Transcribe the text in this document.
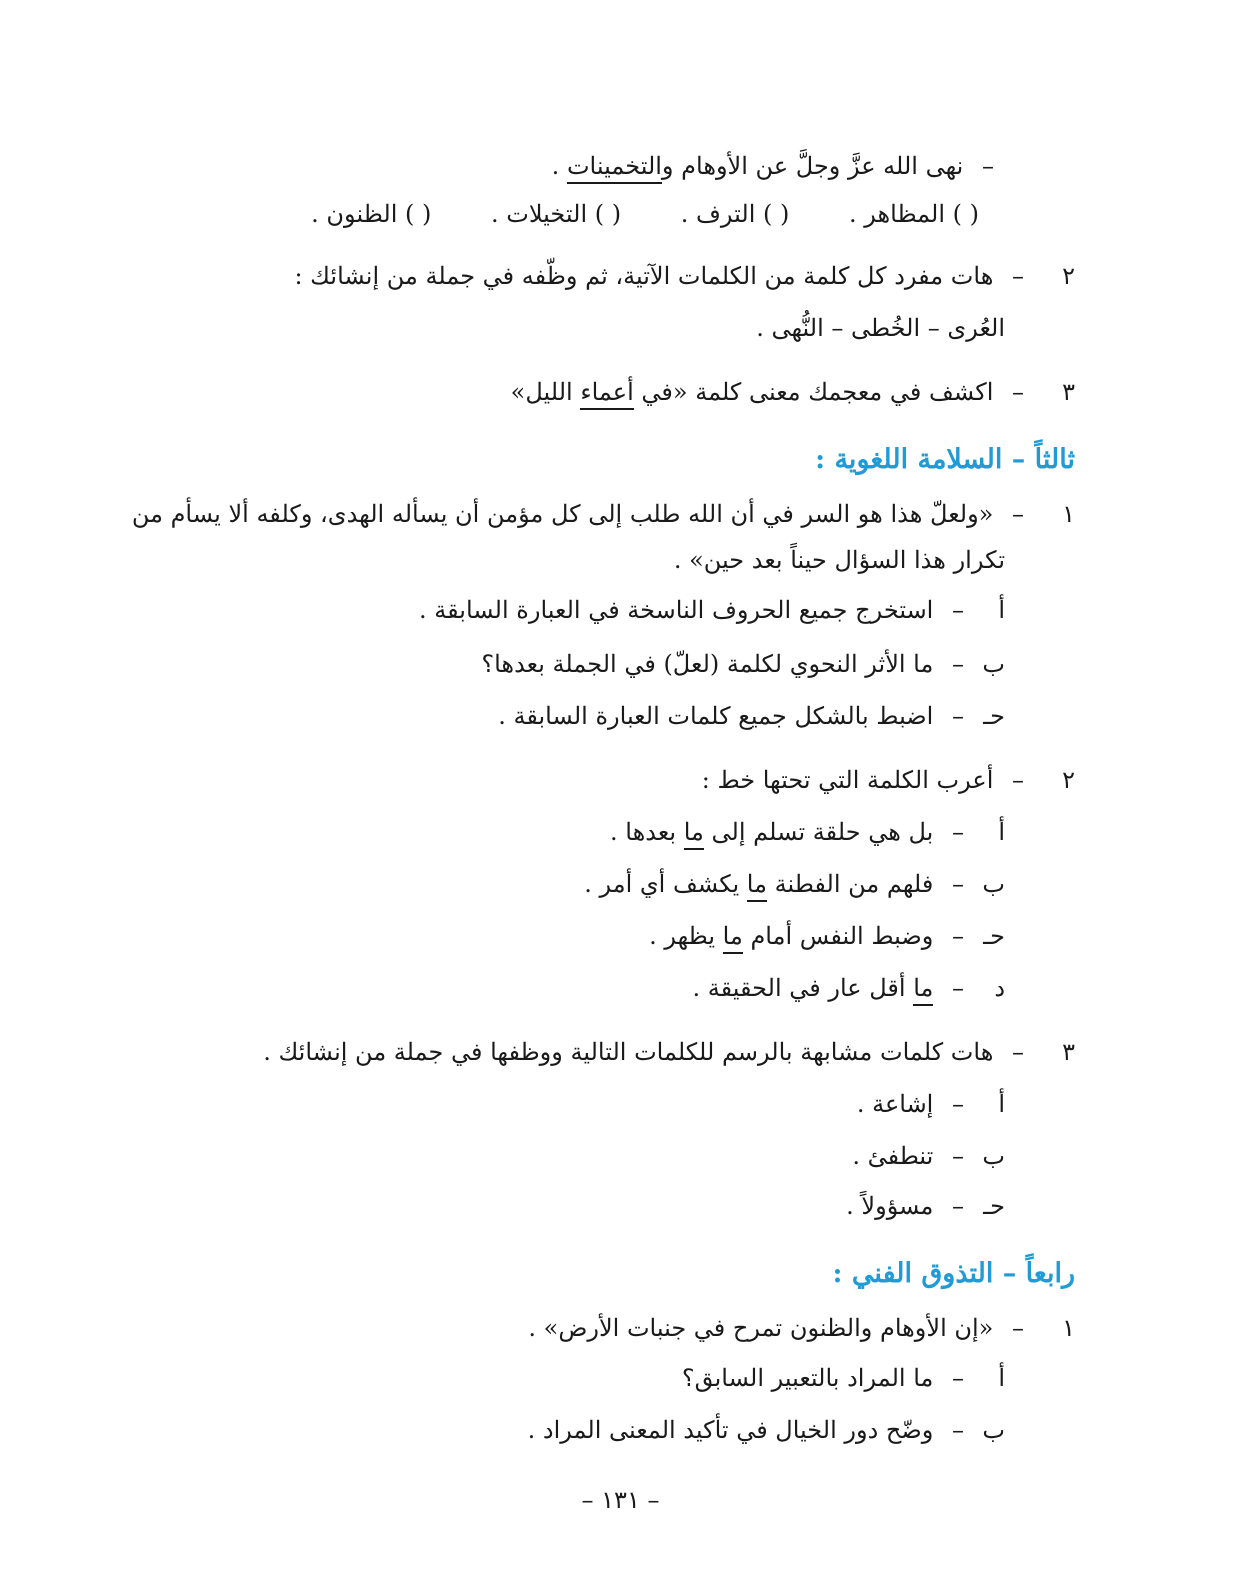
– نهى الله عزَّ وجلَّ عن الأوهام والتخمينات .
( ) المظاهر . ( ) الترف . ( ) التخيلات . ( ) الظنون .
٢– هات مفرد كل كلمة من الكلمات الآتية، ثم وظّفه في جملة من إنشائك :
العُرى – الخُطى – النُّهى .
٣– اكشف في معجمك معنى كلمة «في أعماء الليل»
ثالثاً – السلامة اللغوية :
١– «ولعلّ هذا هو السر في أن الله طلب إلى كل مؤمن أن يسأله الهدى، وكلفه ألا يسأم من
تكرار هذا السؤال حيناً بعد حين» .
أ– استخرج جميع الحروف الناسخة في العبارة السابقة .
ب– ما الأثر النحوي لكلمة (لعلّ) في الجملة بعدها؟
حـ– اضبط بالشكل جميع كلمات العبارة السابقة .
٢– أعرب الكلمة التي تحتها خط :
أ– بل هي حلقة تسلم إلى ما بعدها .
ب– فلهم من الفطنة ما يكشف أي أمر .
حـ– وضبط النفس أمام ما يظهر .
د– ما أقل عار في الحقيقة .
٣– هات كلمات مشابهة بالرسم للكلمات التالية ووظفها في جملة من إنشائك .
أ– إشاعة .
ب– تنطفئ .
حـ– مسؤولاً .
رابعاً – التذوق الفني :
١– «إن الأوهام والظنون تمرح في جنبات الأرض» .
أ– ما المراد بالتعبير السابق؟
ب– وضّح دور الخيال في تأكيد المعنى المراد .
– ١٣١ –
